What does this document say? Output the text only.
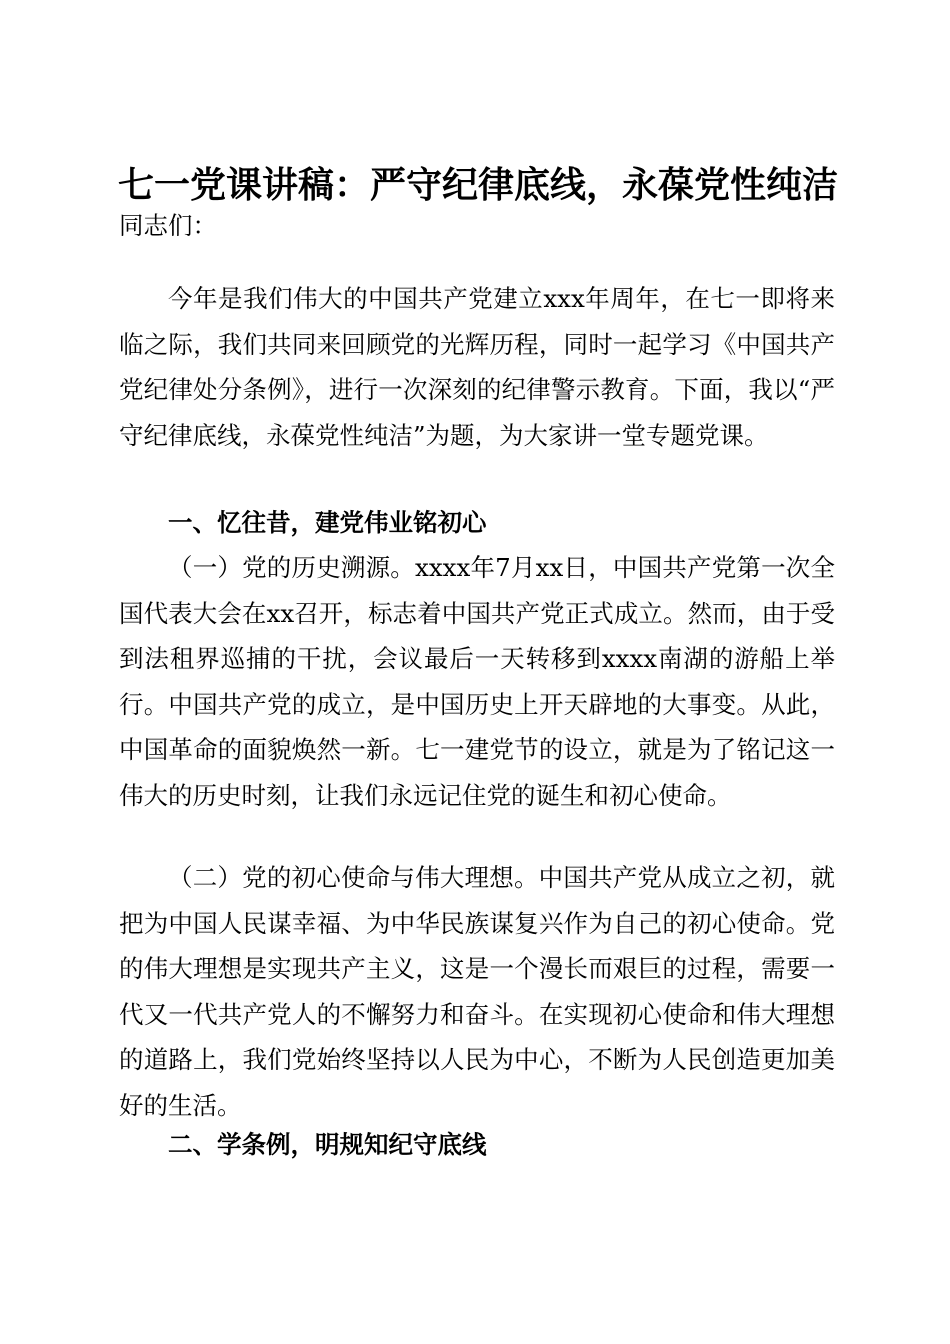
七一党课讲稿：严守纪律底线，永葆党性纯洁

同志们：

今年是我们伟大的中国共产党建立xxx年周年，在七一即将来临之际，我们共同来回顾党的光辉历程，同时一起学习《中国共产党纪律处分条例》，进行一次深刻的纪律警示教育。下面，我以“严守纪律底线，永葆党性纯洁”为题，为大家讲一堂专题党课。

一、忆往昔，建党伟业铭初心

（一）党的历史溯源。xxxx年7月xx日，中国共产党第一次全国代表大会在xx召开，标志着中国共产党正式成立。然而，由于受到法租界巡捕的干扰，会议最后一天转移到xxxx南湖的游船上举行。中国共产党的成立，是中国历史上开天辟地的大事变。从此，中国革命的面貌焕然一新。七一建党节的设立，就是为了铭记这一伟大的历史时刻，让我们永远记住党的诞生和初心使命。

（二）党的初心使命与伟大理想。中国共产党从成立之初，就把为中国人民谋幸福、为中华民族谋复兴作为自己的初心使命。党的伟大理想是实现共产主义，这是一个漫长而艰巨的过程，需要一代又一代共产党人的不懈努力和奋斗。在实现初心使命和伟大理想的道路上，我们党始终坚持以人民为中心，不断为人民创造更加美好的生活。

二、学条例，明规知纪守底线
